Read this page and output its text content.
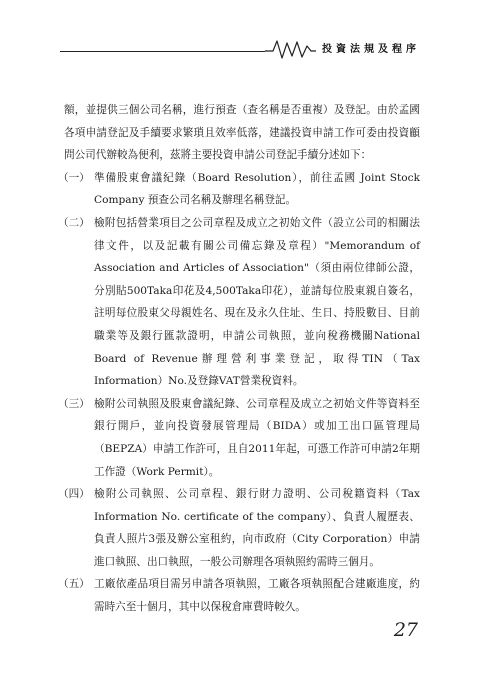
投資法規及程序

額，並提供三個公司名稱，進行預查（查名稱是否重複）及登記。由於孟國各項申請登記及手續要求繁瑣且效率低落，建議投資申請工作可委由投資顧問公司代辦較為便利，茲將主要投資申請公司登記手續分述如下：

（一） 準備股東會議紀錄（Board Resolution），前往孟國 Joint Stock Company 預查公司名稱及辦理名稱登記。

（二） 檢附包括營業項目之公司章程及成立之初始文件（設立公司的相關法律文件，以及記載有關公司備忘錄及章程）"Memorandum of Association and Articles of Association"（須由兩位律師公證，分別貼500Taka印花及4,500Taka印花），並請每位股東親自簽名，註明每位股東父母親姓名、現在及永久住址、生日、持股數目、目前職業等及銀行匯款證明，申請公司執照，並向稅務機關National Board of Revenue辦理營利事業登記，取得TIN（Tax Information）No.及登錄VAT營業稅資料。

（三） 檢附公司執照及股東會議紀錄、公司章程及成立之初始文件等資料至銀行開戶，並向投資發展管理局（BIDA）或加工出口區管理局（BEPZA）申請工作許可，且自2011年起，可憑工作許可申請2年期工作證（Work Permit）。

（四） 檢附公司執照、公司章程、銀行財力證明、公司稅籍資料（Tax Information No. certificate of the company）、負責人履歷表、負責人照片3張及辦公室租約，向市政府（City Corporation）申請進口執照、出口執照，一般公司辦理各項執照約需時三個月。

（五） 工廠依產品項目需另申請各項執照，工廠各項執照配合建廠進度，約需時六至十個月，其中以保稅倉庫費時較久。

27
